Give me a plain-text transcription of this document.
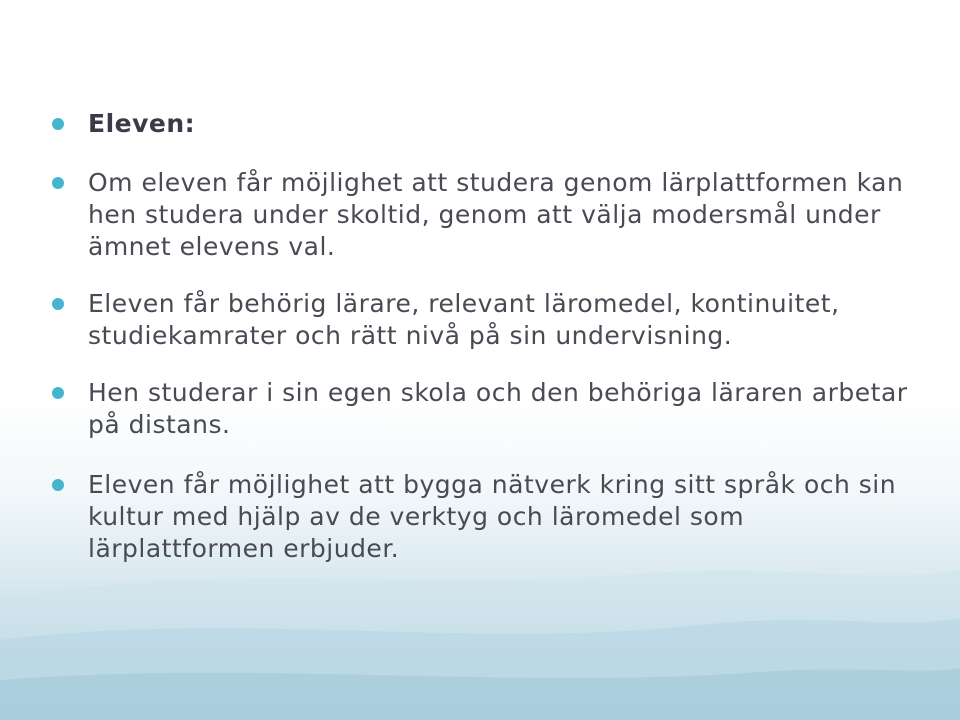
Eleven:
Om eleven får möjlighet att studera genom lärplattformen kan hen studera under skoltid, genom att välja modersmål under ämnet elevens val.
Eleven får behörig lärare, relevant läromedel, kontinuitet, studiekamrater och rätt nivå på sin undervisning.
Hen studerar i sin egen skola och den behöriga läraren arbetar på distans.
Eleven får möjlighet att bygga nätverk kring sitt språk och sin kultur med hjälp av de verktyg och läromedel som lärplattformen erbjuder.
